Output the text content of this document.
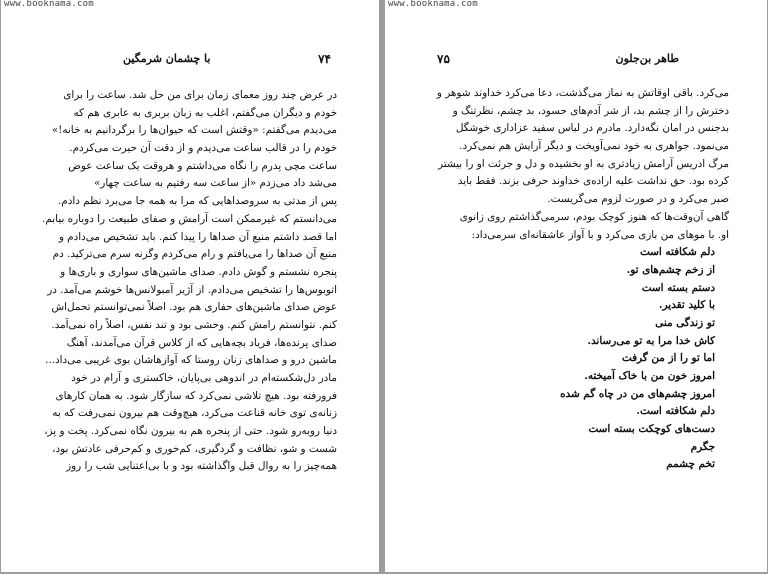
www.booknama.com
۷۴
با چشمان شرمگین
در عرض چند روز معمای زمان برای من حل شد. ساعت را برای
خودم و دیگران می‌گفتم، اغلب به زبان بربری به عابری هم که
می‌دیدم می‌گفتم: «وقتش است که حیوان‌ها را برگردانیم به خانه!»
خودم را در قالب ساعت می‌دیدم و از دقت آن حیرت می‌کردم.
ساعت مچی پدرم را نگاه می‌داشتم و هروقت یک ساعت عوض
می‌شد داد می‌زدم «از ساعت سه رفتیم به ساعت چهار»
پس از مدتی به سروصداهایی که مرا به همه جا می‌برد نظم دادم.
می‌دانستم که غیرممکن است آرامش و صفای طبیعت را دوباره بیابم.
اما قصد داشتم منبع آن صداها را پیدا کنم. باید تشخیص می‌دادم و
منبع آن صداها را می‌یافتم و رام می‌کردم وگرنه سرم می‌ترکید. دم
پنجره نشستم و گوش دادم. صدای ماشین‌های سواری و باری‌ها و
اتوبوس‌ها را تشخیص می‌دادم. از آژیر آمبولانس‌ها خوشم می‌آمد. در
عوض صدای ماشین‌های حفاری هم بود. اصلاً نمی‌توانستم تحمل‌اش
کنم. نتوانستم رامش کنم. وحشی بود و تند نفس، اصلاً راه نمی‌آمد.
صدای پرنده‌ها، فریاد بچه‌هایی که از کلاس قرآن می‌آمدند، آهنگ
ماشین درو و صداهای زنان روستا که آوازهاشان بوی غریبی می‌داد...
مادر دل‌شکسته‌ام در اندوهی بی‌پایان، خاکستری و آرام در خود
فرورفته بود. هیچ تلاشی نمی‌کرد که سازگار شود. به همان کارهای
زنانه‌ی توی خانه قناعت می‌کرد، هیچ‌وقت هم بیرون نمی‌رفت که به
دنیا روبه‌رو شود. حتی از پنجره هم به بیرون نگاه نمی‌کرد. پخت و پز،
شست و شو، نظافت و گردگیری، کم‌خوری و کم‌حرفی عادتش بود،
همه‌چیز را به روال قبل واگذاشته بود و با بی‌اعتنایی شب را روز
www.booknama.com
طاهر بن‌جلون
۷۵
می‌کرد. باقی اوقاتش به نماز می‌گذشت، دعا می‌کرد خداوند شوهر و
دخترش را از چشم بد، از شر آدم‌های حسود، بد چشم، نظرتنگ و
بدجنس در امان نگه‌دارد. مادرم در لباس سفید عزاداری خوشگل
می‌نمود. جواهری به خود نمی‌آویخت و دیگر آرایش هم نمی‌کرد.
مرگ ادریس آرامش زیادتری به او بخشیده و دل و جرئت او را بیشتر
کرده بود. حق نداشت علیه اراده‌ی خداوند حرفی بزند. فقط باید
صبر می‌کرد و در صورت لزوم می‌گریست.
گاهی آن‌وقت‌ها که هنوز کوچک بودم، سرمی‌گذاشتم روی زانوی
او. با موهای من بازی می‌کرد و با آواز عاشقانه‌ای سرمی‌داد:
دلم شکافته است
از زخم چشم‌های تو.
دستم بسته است
با کلید تقدیر.
تو زندگی منی
کاش خدا مرا به تو می‌رساند.
اما تو را از من گرفت
امروز خون من با خاک آمیخته.
امروز چشم‌های من در چاه گم شده
دلم شکافته است.
دست‌های کوچکت بسته است
جگرم
تخم چشمم
